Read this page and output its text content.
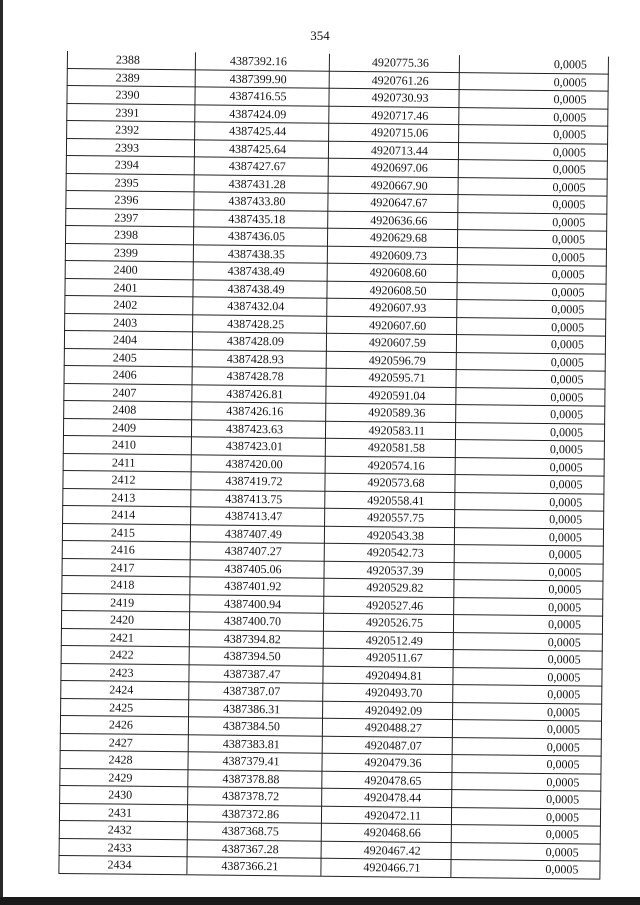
354
2388	4387392.16	4920775.36	0,0005
2389	4387399.90	4920761.26	0,0005
2390	4387416.55	4920730.93	0,0005
2391	4387424.09	4920717.46	0,0005
2392	4387425.44	4920715.06	0,0005
2393	4387425.64	4920713.44	0,0005
2394	4387427.67	4920697.06	0,0005
2395	4387431.28	4920667.90	0,0005
2396	4387433.80	4920647.67	0,0005
2397	4387435.18	4920636.66	0,0005
2398	4387436.05	4920629.68	0,0005
2399	4387438.35	4920609.73	0,0005
2400	4387438.49	4920608.60	0,0005
2401	4387438.49	4920608.50	0,0005
2402	4387432.04	4920607.93	0,0005
2403	4387428.25	4920607.60	0,0005
2404	4387428.09	4920607.59	0,0005
2405	4387428.93	4920596.79	0,0005
2406	4387428.78	4920595.71	0,0005
2407	4387426.81	4920591.04	0,0005
2408	4387426.16	4920589.36	0,0005
2409	4387423.63	4920583.11	0,0005
2410	4387423.01	4920581.58	0,0005
2411	4387420.00	4920574.16	0,0005
2412	4387419.72	4920573.68	0,0005
2413	4387413.75	4920558.41	0,0005
2414	4387413.47	4920557.75	0,0005
2415	4387407.49	4920543.38	0,0005
2416	4387407.27	4920542.73	0,0005
2417	4387405.06	4920537.39	0,0005
2418	4387401.92	4920529.82	0,0005
2419	4387400.94	4920527.46	0,0005
2420	4387400.70	4920526.75	0,0005
2421	4387394.82	4920512.49	0,0005
2422	4387394.50	4920511.67	0,0005
2423	4387387.47	4920494.81	0,0005
2424	4387387.07	4920493.70	0,0005
2425	4387386.31	4920492.09	0,0005
2426	4387384.50	4920488.27	0,0005
2427	4387383.81	4920487.07	0,0005
2428	4387379.41	4920479.36	0,0005
2429	4387378.88	4920478.65	0,0005
2430	4387378.72	4920478.44	0,0005
2431	4387372.86	4920472.11	0,0005
2432	4387368.75	4920468.66	0,0005
2433	4387367.28	4920467.42	0,0005
2434	4387366.21	4920466.71	0,0005
